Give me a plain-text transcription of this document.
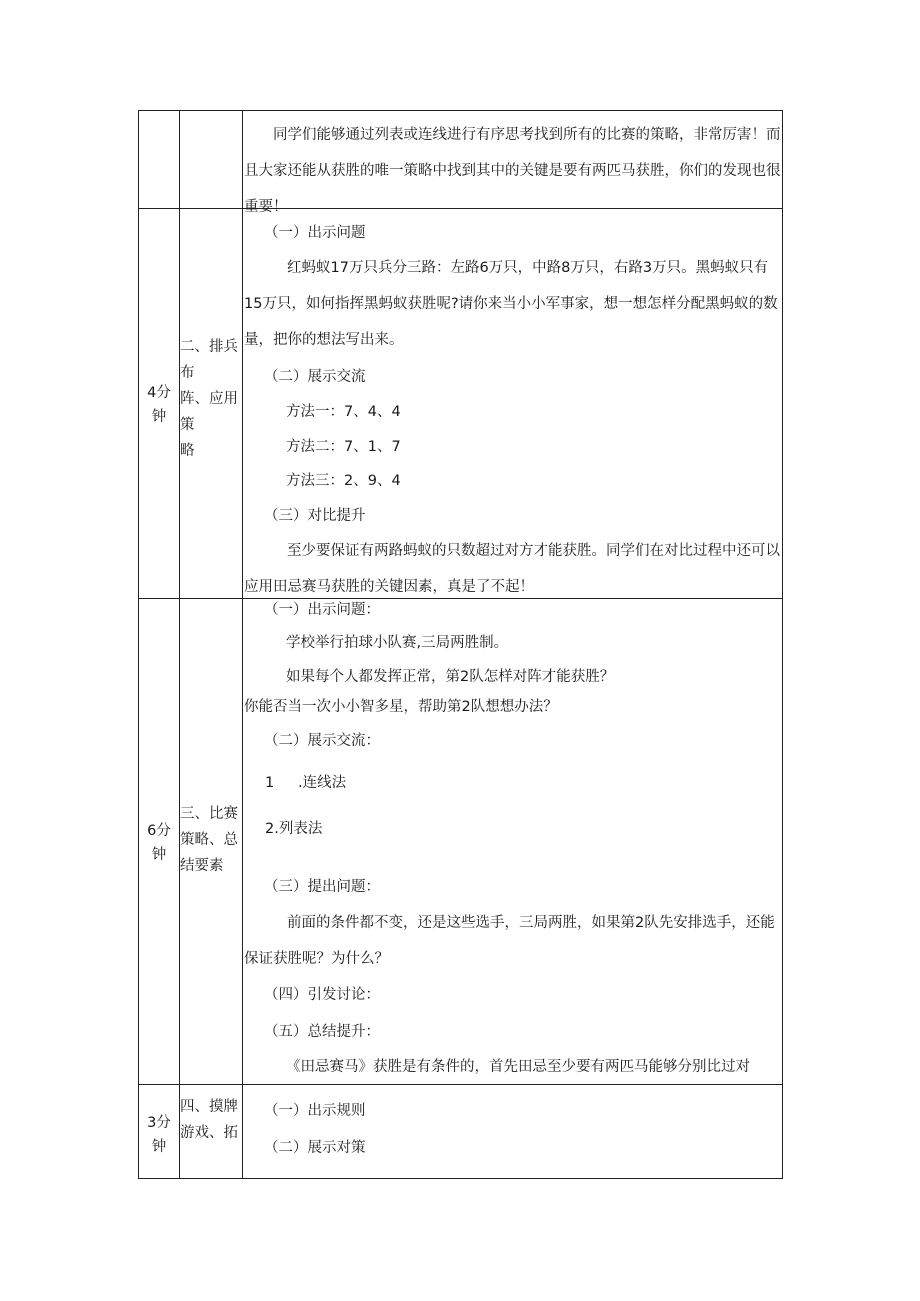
同学们能够通过列表或连线进行有序思考找到所有的比赛的策略，非常厉害！而且大家还能从获胜的唯一策略中找到其中的关键是要有两匹马获胜，你们的发现也很重要！
4分
钟
二、排兵
布
阵、应用
策
略
（一）出示问题
红蚂蚁17万只兵分三路：左路6万只，中路8万只，右路3万只。黑蚂蚁只有15万只，如何指挥黑蚂蚁获胜呢?请你来当小小军事家，想一想怎样分配黑蚂蚁的数量，把你的想法写出来。
（二）展示交流
方法一：7、4、4
方法二：7、1、7
方法三：2、9、4
（三）对比提升
至少要保证有两路蚂蚁的只数超过对方才能获胜。同学们在对比过程中还可以应用田忌赛马获胜的关键因素，真是了不起！
6分
钟
三、比赛
策略、总
结要素
（一）出示问题：
学校举行拍球小队赛,三局两胜制。
如果每个人都发挥正常，第2队怎样对阵才能获胜？
你能否当一次小小智多星，帮助第2队想想办法？
（二）展示交流：
1 .连线法
2.列表法
（三）提出问题：
前面的条件都不变，还是这些选手，三局两胜，如果第2队先安排选手，还能保证获胜呢？为什么？
（四）引发讨论：
（五）总结提升：
《田忌赛马》获胜是有条件的，首先田忌至少要有两匹马能够分别比过对
3分
钟
四、摸牌
游戏、拓
（一）出示规则
（二）展示对策
